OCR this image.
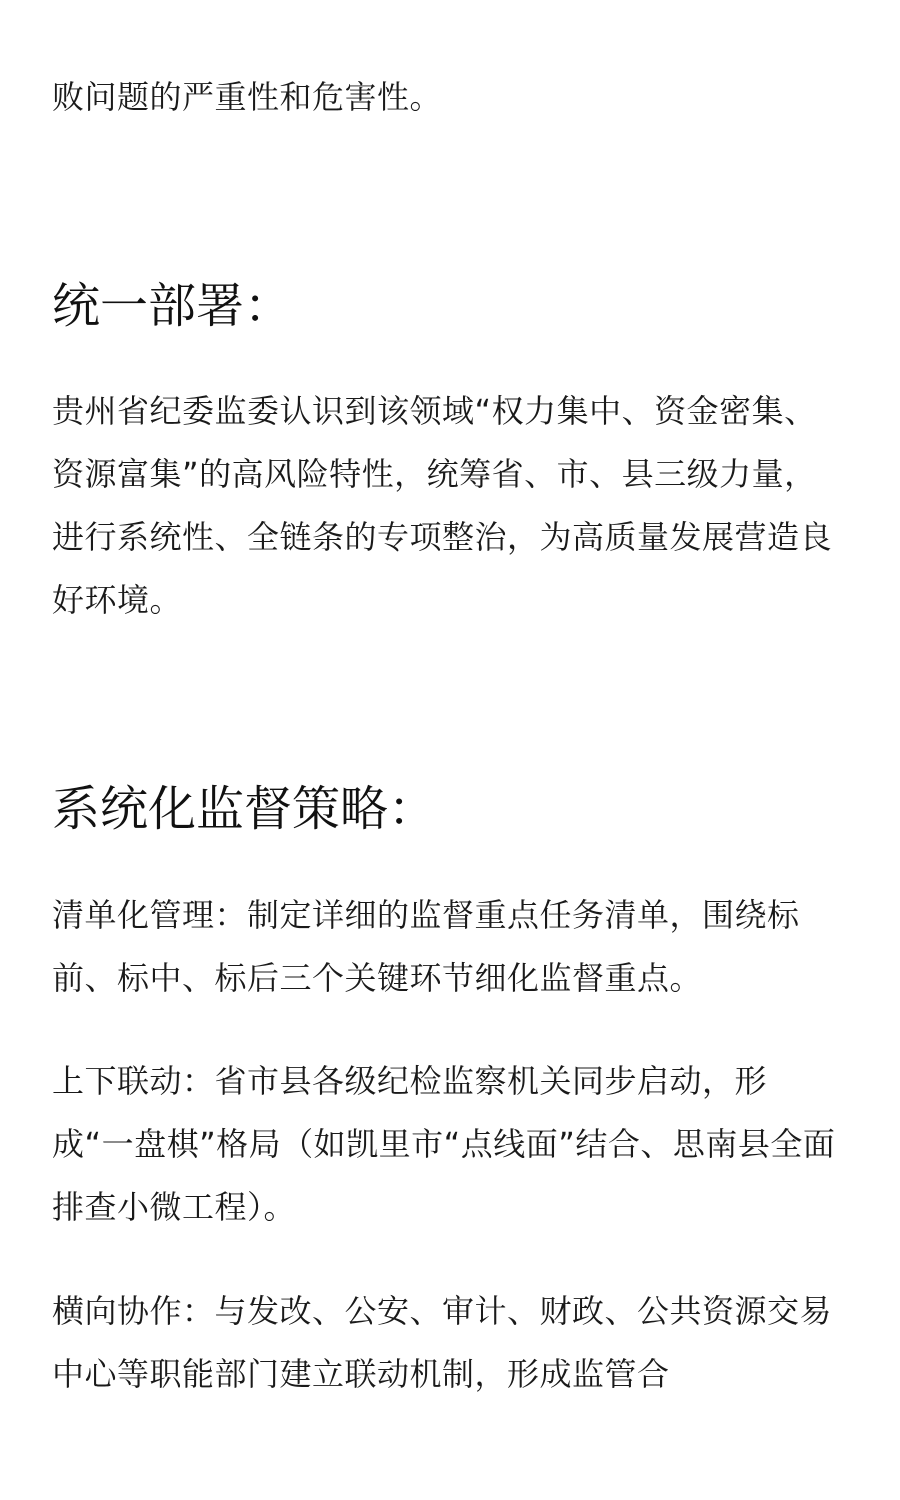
败问题的严重性和危害性。

统一部署：

贵州省纪委监委认识到该领域“权力集中、资金密集、资源富集”的高风险特性，统筹省、市、县三级力量，进行系统性、全链条的专项整治，为高质量发展营造良好环境。

系统化监督策略：

清单化管理：制定详细的监督重点任务清单，围绕标前、标中、标后三个关键环节细化监督重点。

上下联动：省市县各级纪检监察机关同步启动，形成“一盘棋”格局（如凯里市“点线面”结合、思南县全面排查小微工程）。

横向协作：与发改、公安、审计、财政、公共资源交易中心等职能部门建立联动机制，形成监管合
